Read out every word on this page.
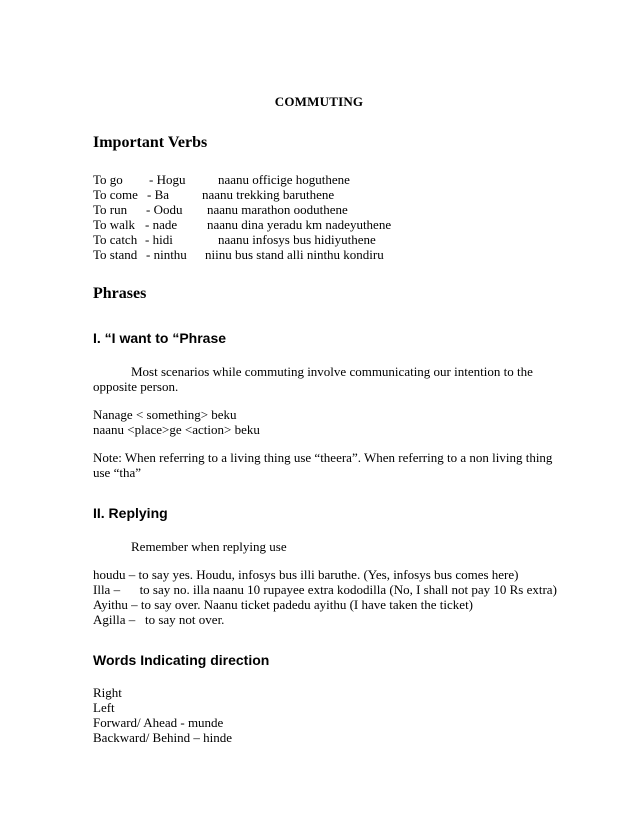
COMMUTING
Important Verbs
To go - Hogu	naanu officige hoguthene
To come - Ba	naanu trekking baruthene
To run - Oodu naanu marathon ooduthene
To walk - nade naanu dina yeradu km nadeyuthene
To catch - hidi	naanu infosys bus hidiyuthene
To stand - ninthu niinu bus stand alli ninthu kondiru
Phrases
I. “I want to “Phrase
Most scenarios while commuting involve communicating our intention to the
opposite person.
Nanage < something> beku
naanu <place>ge <action> beku
Note: When referring to a living thing use “theera”. When referring to a non living thing
use “tha”
II. Replying
Remember when replying use
houdu – to say yes. Houdu, infosys bus illi baruthe. (Yes, infosys bus comes here)
Illa –      to say no. illa naanu 10 rupayee extra kododilla (No, I shall not pay 10 Rs extra)
Ayithu – to say over. Naanu ticket padedu ayithu (I have taken the ticket)
Agilla –   to say not over.
Words Indicating direction
Right
Left
Forward/ Ahead - munde
Backward/ Behind – hinde
